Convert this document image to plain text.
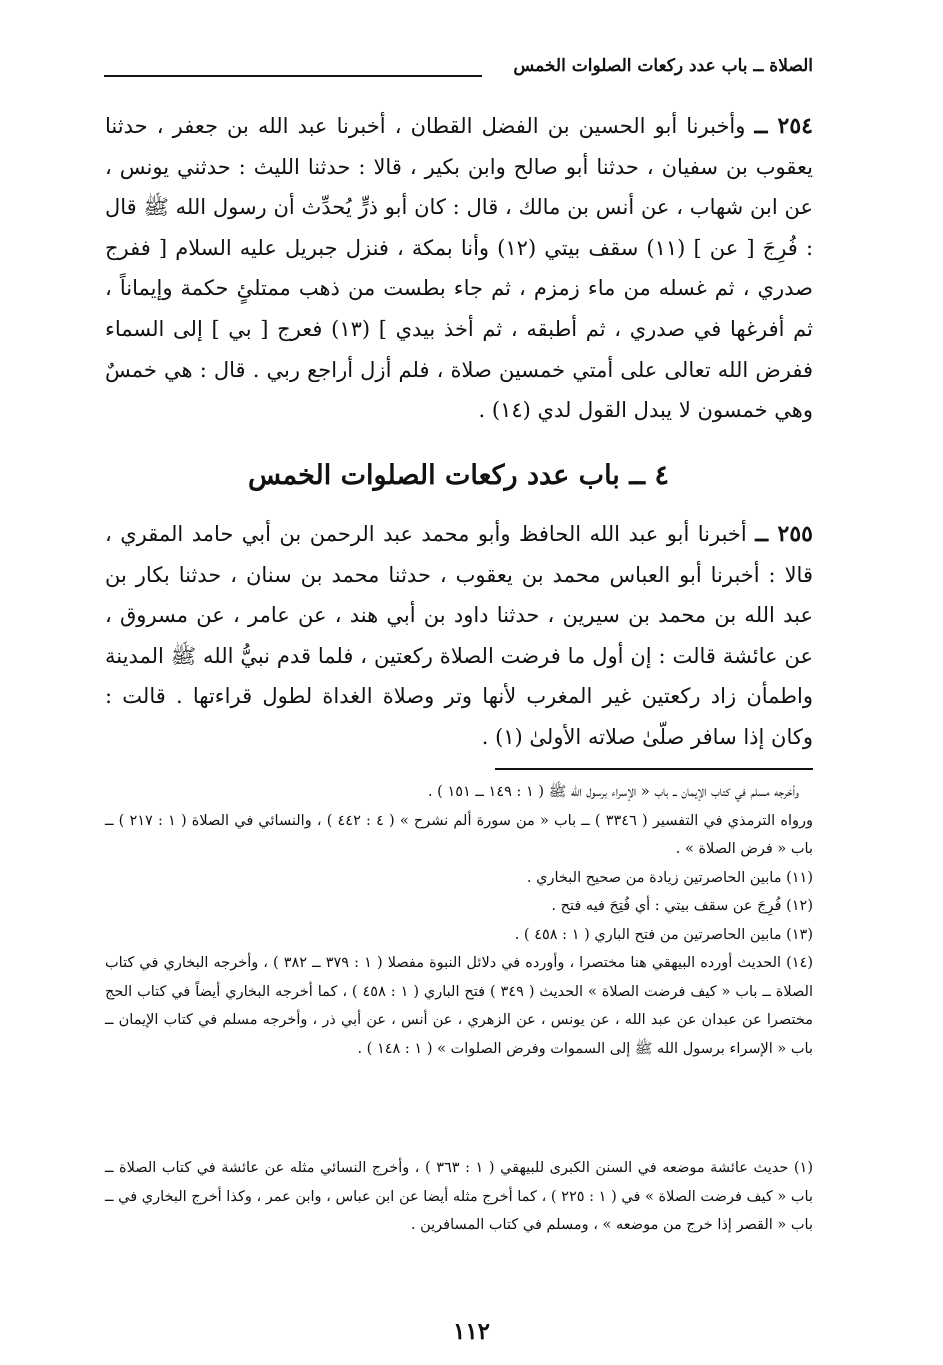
الصلاة ــ باب عدد ركعات الصلوات الخمس
٢٥٤ ــ وأخبرنا أبو الحسين بن الفضل القطان ، أخبرنا عبد الله بن جعفر ، حدثنا يعقوب بن سفيان ، حدثنا أبو صالح وابن بكير ، قالا : حدثنا الليث : حدثني يونس ، عن ابن شهاب ، عن أنس بن مالك ، قال : كان أبو ذرٍّ يُحدِّث أن رسول الله ﷺ قال : فُرِجَ [ عن ] (١١) سقف بيتي (١٢) وأنا بمكة ، فنزل جبريل عليه السلام [ ففرج صدري ، ثم غسله من ماء زمزم ، ثم جاء بطست من ذهب ممتلئٍ حكمة وإيماناً ، ثم أفرغها في صدري ، ثم أطبقه ، ثم أخذ بيدي ] (١٣) فعرج [ بي ] إلى السماء ففرض الله تعالى على أمتي خمسين صلاة ، فلم أزل أراجع ربي . قال : هي خمسٌ وهي خمسون لا يبدل القول لدي (١٤) .
٤ ــ باب عدد ركعات الصلوات الخمس
٢٥٥ ــ أخبرنا أبو عبد الله الحافظ وأبو محمد عبد الرحمن بن أبي حامد المقري ، قالا : أخبرنا أبو العباس محمد بن يعقوب ، حدثنا محمد بن سنان ، حدثنا بكار بن عبد الله بن محمد بن سيرين ، حدثنا داود بن أبي هند ، عن عامر ، عن مسروق ، عن عائشة قالت : إن أول ما فرضت الصلاة ركعتين ، فلما قدم نبيُّ الله ﷺ المدينة واطمأن زاد ركعتين غير المغرب لأنها وتر وصلاة الغداة لطول قراءتها . قالت : وكان إذا سافر صلّىٰ صلاته الأولىٰ (١) .

وأخرجه مسلم في كتاب الإيمان ــ باب « الإسراء برسول الله ﷺ ( ١ : ١٤٩ ــ ١٥١ ) .

ورواه الترمذي في التفسير ( ٣٣٤٦ ) ــ باب « من سورة ألم نشرح » ( ٤ : ٤٤٢ ) ، والنسائي في الصلاة ( ١ : ٢١٧ ) ــ باب « فرض الصلاة » .

(١١) مابين الحاصرتين زيادة من صحيح البخاري .

(١٢) فُرِجَ عن سقف بيتي : أي فُتِحَ فيه فتح .

(١٣) مابين الحاصرتين من فتح الباري ( ١ : ٤٥٨ ) .

(١٤) الحديث أورده البيهقي هنا مختصرا ، وأورده في دلائل النبوة مفصلا ( ١ : ٣٧٩ ــ ٣٨٢ ) ، وأخرجه البخاري في كتاب الصلاة ــ باب « كيف فرضت الصلاة » الحديث ( ٣٤٩ ) فتح الباري ( ١ : ٤٥٨ ) ، كما أخرجه البخاري أيضاً في كتاب الحج مختصرا عن عبدان عن عبد الله ، عن يونس ، عن الزهري ، عن أنس ، عن أبي ذر ، وأخرجه مسلم في كتاب الإيمان ــ باب « الإسراء برسول الله ﷺ إلى السموات وفرض الصلوات » ( ١ : ١٤٨ ) .

(١) حديث عائشة موضعه في السنن الكبرى للبيهقي ( ١ : ٣٦٣ ) ، وأخرج النسائي مثله عن عائشة في كتاب الصلاة ــ باب « كيف فرضت الصلاة » في ( ١ : ٢٢٥ ) ، كما أخرج مثله أيضا عن ابن عباس ، وابن عمر ، وكذا أخرج البخاري في ــ باب « القصر إذا خرج من موضعه » ، ومسلم في كتاب المسافرين .

١١٢
